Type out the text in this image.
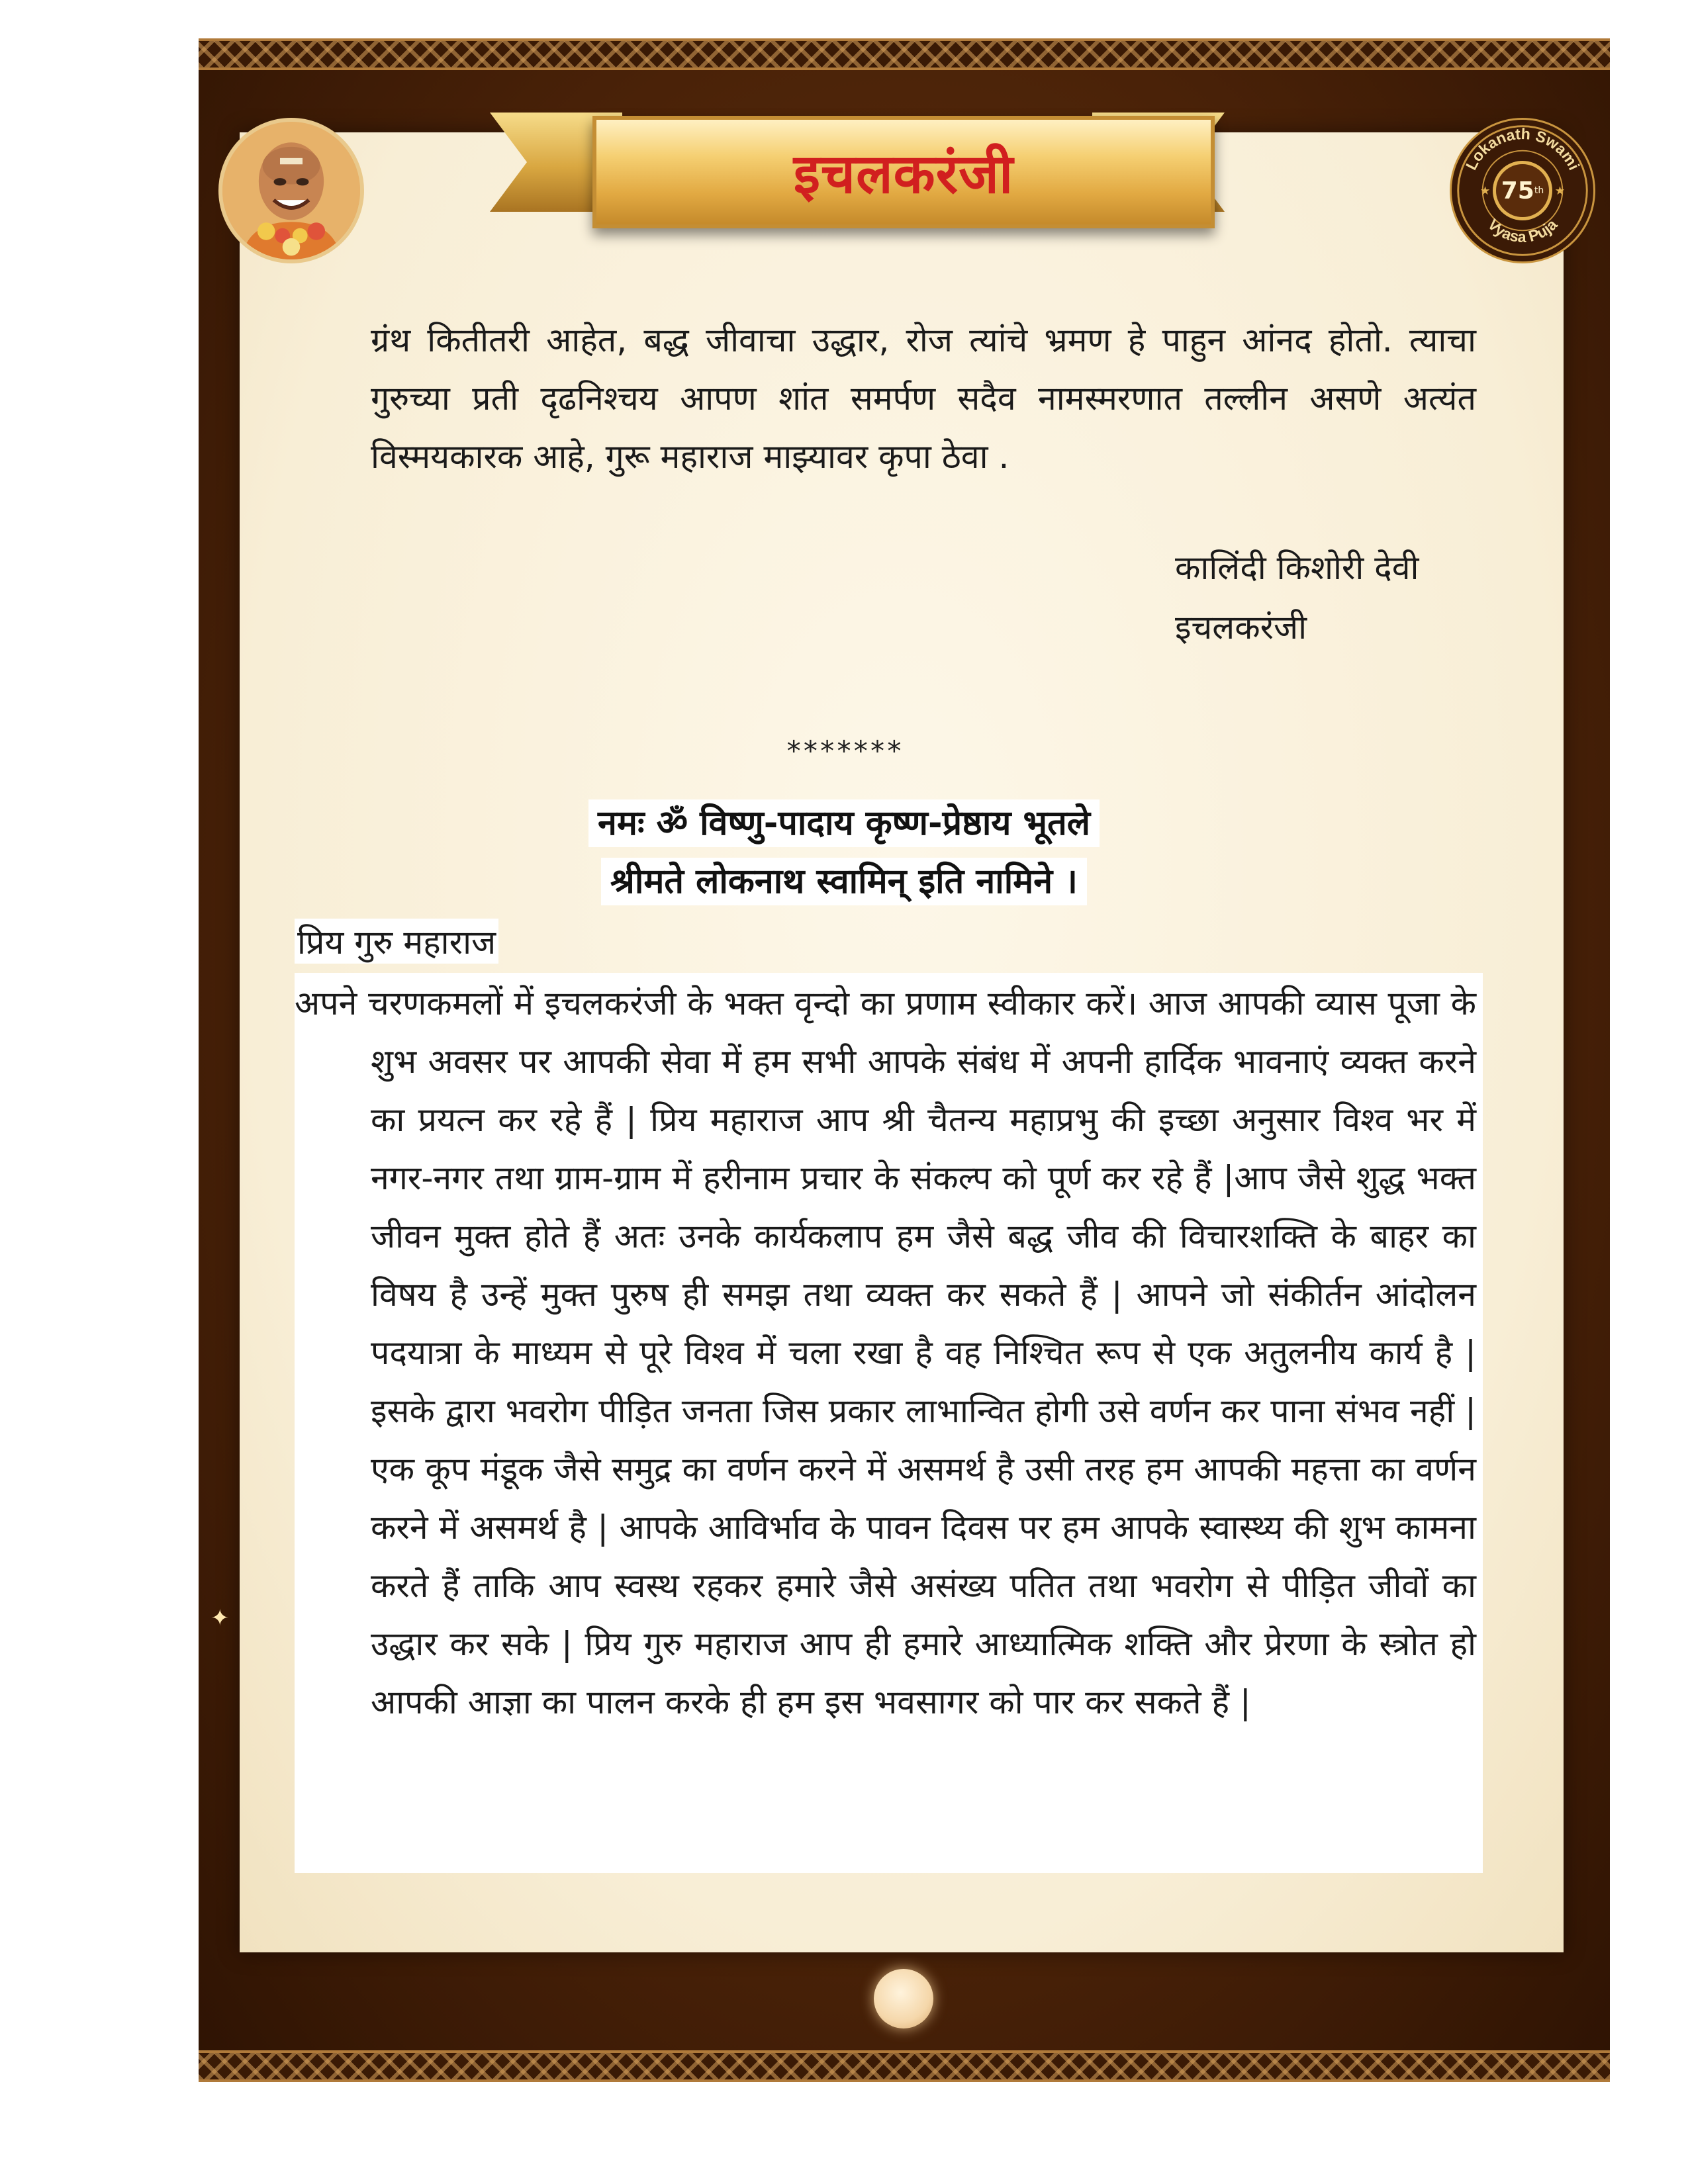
इचलकरंजी	Lokanath Swami
Vyasa Puja
★	★
75 th

ग्रंथ कितीतरी आहेत, बद्ध जीवाचा उद्धार, रोज त्यांचे भ्रमण हे पाहुन आंनद होतो. त्याचा गुरुच्या प्रती दृढनिश्चय आपण शांत समर्पण सदैव नामस्मरणात तल्लीन असणे अत्यंत विस्मयकारक आहे, गुरू महाराज माझ्यावर कृपा ठेवा .

कालिंदी किशोरी देवी
इचलकरंजी
*******
नमः ॐ विष्णु-पादाय कृष्ण-प्रेष्ठाय भूतले
श्रीमते लोकनाथ स्वामिन् इति नामिने ।
प्रिय गुरु महाराज

अपने चरणकमलों में इचलकरंजी के भक्त वृन्दो का प्रणाम स्वीकार करें। आज आपकी व्यास पूजा के शुभ अवसर पर आपकी सेवा में हम सभी आपके संबंध में अपनी हार्दिक भावनाएं व्यक्त करने का प्रयत्न कर रहे हैं | प्रिय महाराज आप श्री चैतन्य महाप्रभु की इच्छा अनुसार विश्व भर में नगर-नगर तथा ग्राम-ग्राम में हरीनाम प्रचार के संकल्प को पूर्ण कर रहे हैं |आप जैसे शुद्ध भक्त जीवन मुक्त होते हैं अतः उनके कार्यकलाप हम जैसे बद्ध जीव की विचारशक्ति के बाहर का विषय है उन्हें मुक्त पुरुष ही समझ तथा व्यक्त कर सकते हैं | आपने जो संकीर्तन आंदोलन पदयात्रा के माध्यम से पूरे विश्व में चला रखा है वह निश्चित रूप से एक अतुलनीय कार्य है | इसके द्वारा भवरोग पीड़ित जनता जिस प्रकार लाभान्वित होगी उसे वर्णन कर पाना संभव नहीं | एक कूप मंडूक जैसे समुद्र का वर्णन करने में असमर्थ है उसी तरह हम आपकी महत्ता का वर्णन करने में असमर्थ है | आपके आविर्भाव के पावन दिवस पर हम आपके स्वास्थ्य की शुभ कामना करते हैं ताकि आप स्वस्थ रहकर हमारे जैसे असंख्य पतित तथा भवरोग से पीड़ित जीवों का उद्धार कर सके | प्रिय गुरु महाराज आप ही हमारे आध्यात्मिक शक्ति और प्रेरणा के स्त्रोत हो आपकी आज्ञा का पालन करके ही हम इस भवसागर को पार कर सकते हैं |

✦
